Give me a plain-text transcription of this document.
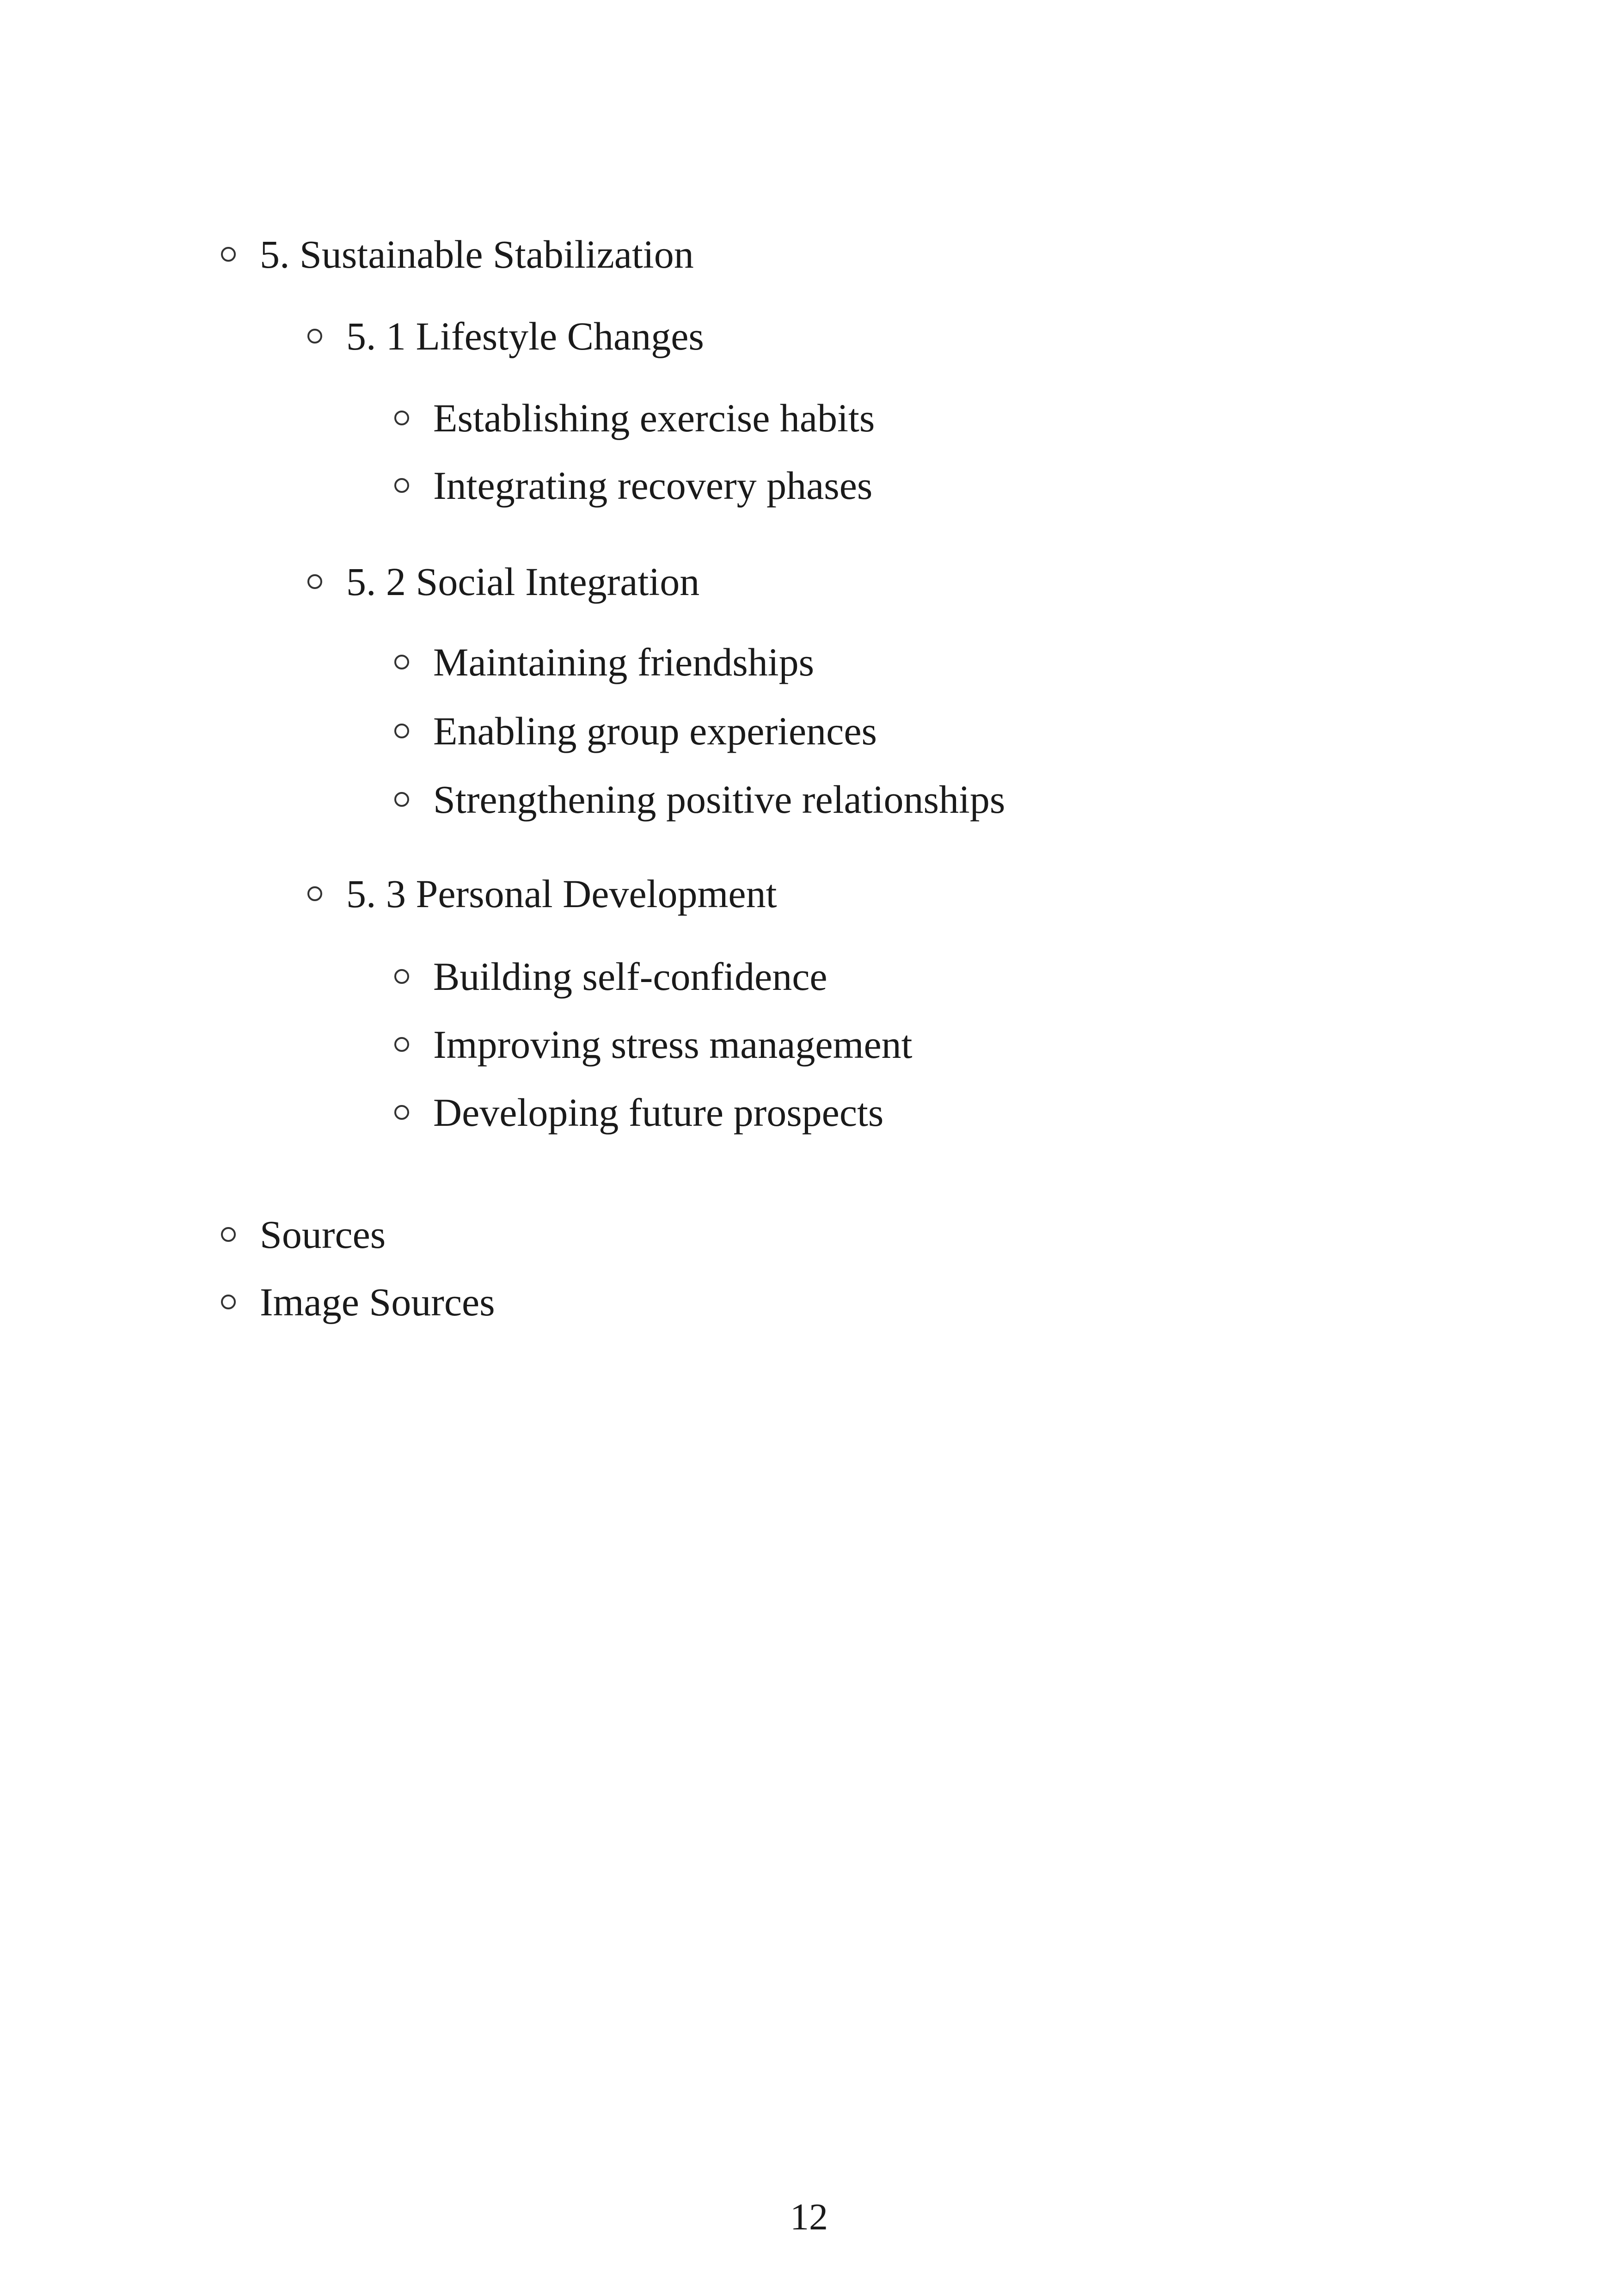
5. Sustainable Stabilization
5. 1 Lifestyle Changes
Establishing exercise habits
Integrating recovery phases
5. 2 Social Integration
Maintaining friendships
Enabling group experiences
Strengthening positive relationships
5. 3 Personal Development
Building self-confidence
Improving stress management
Developing future prospects
Sources
Image Sources
12
